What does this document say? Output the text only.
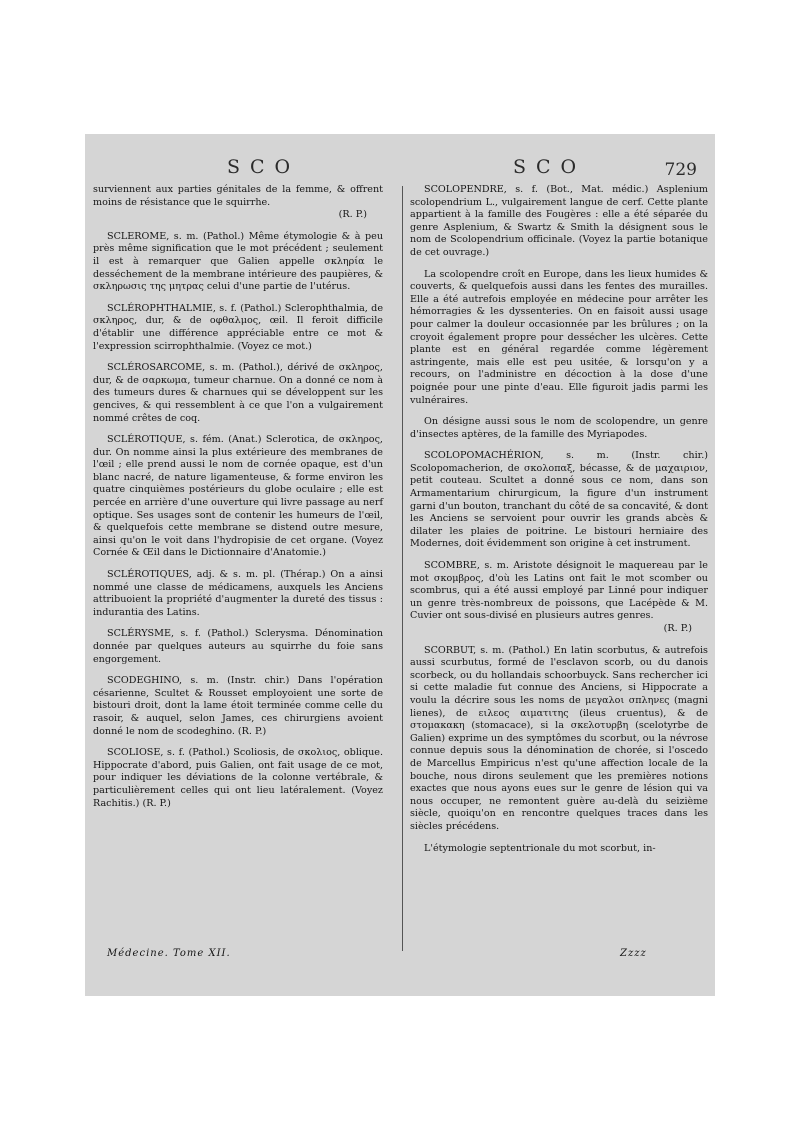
SCO	SCO	729

surviennent aux parties génitales de la femme, & offrent moins de résistance que le squirrhe.
(R. P.)

SCLEROME, s. m. (Pathol.) Même étymologie & à peu près même signification que le mot précédent ; seulement il est à remarquer que Galien appelle σκληρία le desséchement de la membrane intérieure des paupières, & σκληρωσις της μητρας celui d'une partie de l'utérus.

SCLÉROPHTHALMIE, s. f. (Pathol.) Sclerophthalmia, de σκληρος, dur, & de οφθαλμος, œil. Il feroit difficile d'établir une différence appréciable entre ce mot & l'expression scirrophthalmie. (Voyez ce mot.)

SCLÉROSARCOME, s. m. (Pathol.), dérivé de σκληρος, dur, & de σαρκωμα, tumeur charnue. On a donné ce nom à des tumeurs dures & charnues qui se développent sur les gencives, & qui ressemblent à ce que l'on a vulgairement nommé crêtes de coq.

SCLÉROTIQUE, s. fém. (Anat.) Sclerotica, de σκληρος, dur. On nomme ainsi la plus extérieure des membranes de l'œil ; elle prend aussi le nom de cornée opaque, est d'un blanc nacré, de nature ligamenteuse, & forme environ les quatre cinquièmes postérieurs du globe oculaire ; elle est percée en arrière d'une ouverture qui livre passage au nerf optique. Ses usages sont de contenir les humeurs de l'œil, & quelquefois cette membrane se distend outre mesure, ainsi qu'on le voit dans l'hydropisie de cet organe. (Voyez Cornée & Œil dans le Dictionnaire d'Anatomie.)

SCLÉROTIQUES, adj. & s. m. pl. (Thérap.) On a ainsi nommé une classe de médicamens, auxquels les Anciens attribuoient la propriété d'augmenter la dureté des tissus : indurantia des Latins.

SCLÉRYSME, s. f. (Pathol.) Sclerysma. Dénomination donnée par quelques auteurs au squirrhe du foie sans engorgement.

SCODEGHINO, s. m. (Instr. chir.) Dans l'opération césarienne, Scultet & Rousset employoient une sorte de bistouri droit, dont la lame étoit terminée comme celle du rasoir, & auquel, selon James, ces chirurgiens avoient donné le nom de scodeghino. (R. P.)

SCOLIOSE, s. f. (Pathol.) Scoliosis, de σκολιος, oblique. Hippocrate d'abord, puis Galien, ont fait usage de ce mot, pour indiquer les déviations de la colonne vertébrale, & particulièrement celles qui ont lieu latéralement. (Voyez Rachitis.) (R. P.)

SCOLOPENDRE, s. f. (Bot., Mat. médic.) Asplenium scolopendrium L., vulgairement langue de cerf. Cette plante appartient à la famille des Fougères : elle a été séparée du genre Asplenium, & Swartz & Smith la désignent sous le nom de Scolopendrium officinale. (Voyez la partie botanique de cet ouvrage.)

La scolopendre croît en Europe, dans les lieux humides & couverts, & quelquefois aussi dans les fentes des murailles. Elle a été autrefois employée en médecine pour arrêter les hémorragies & les dyssenteries. On en faisoit aussi usage pour calmer la douleur occasionnée par les brûlures ; on la croyoit également propre pour dessécher les ulcères. Cette plante est en général regardée comme légèrement astringente, mais elle est peu usitée, & lorsqu'on y a recours, on l'administre en décoction à la dose d'une poignée pour une pinte d'eau. Elle figuroit jadis parmi les vulnéraires.

On désigne aussi sous le nom de scolopendre, un genre d'insectes aptères, de la famille des Myriapodes.

SCOLOPOMACHÉRION, s. m. (Instr. chir.) Scolopomacherion, de σκολοπαξ, bécasse, & de μαχαιριον, petit couteau. Scultet a donné sous ce nom, dans son Armamentarium chirurgicum, la figure d'un instrument garni d'un bouton, tranchant du côté de sa concavité, & dont les Anciens se servoient pour ouvrir les grands abcès & dilater les plaies de poitrine. Le bistouri herniaire des Modernes, doit évidemment son origine à cet instrument.

SCOMBRE, s. m. Aristote désignoit le maquereau par le mot σκομβρος, d'où les Latins ont fait le mot scomber ou scombrus, qui a été aussi employé par Linné pour indiquer un genre très-nombreux de poissons, que Lacépède & M. Cuvier ont sous-divisé en plusieurs autres genres.
(R. P.)

SCORBUT, s. m. (Pathol.) En latin scorbutus, & autrefois aussi scurbutus, formé de l'esclavon scorb, ou du danois scorbeck, ou du hollandais schoorbuyck. Sans rechercher ici si cette maladie fut connue des Anciens, si Hippocrate a voulu la décrire sous les noms de μεγαλοι σπληνες (magni lienes), de ειλεος αιματιτης (ileus cruentus), & de στομακακη (stomacace), si la σκελοτυρβη (scelotyrbe de Galien) exprime un des symptômes du scorbut, ou la névrose connue depuis sous la dénomination de chorée, si l'oscedo de Marcellus Empiricus n'est qu'une affection locale de la bouche, nous dirons seulement que les premières notions exactes que nous ayons eues sur le genre de lésion qui va nous occuper, ne remontent guère au-delà du seizième siècle, quoiqu'on en rencontre quelques traces dans les siècles précédens.

L'étymologie septentrionale du mot scorbut, in-

Médecine. Tome XII.	Zzzz
